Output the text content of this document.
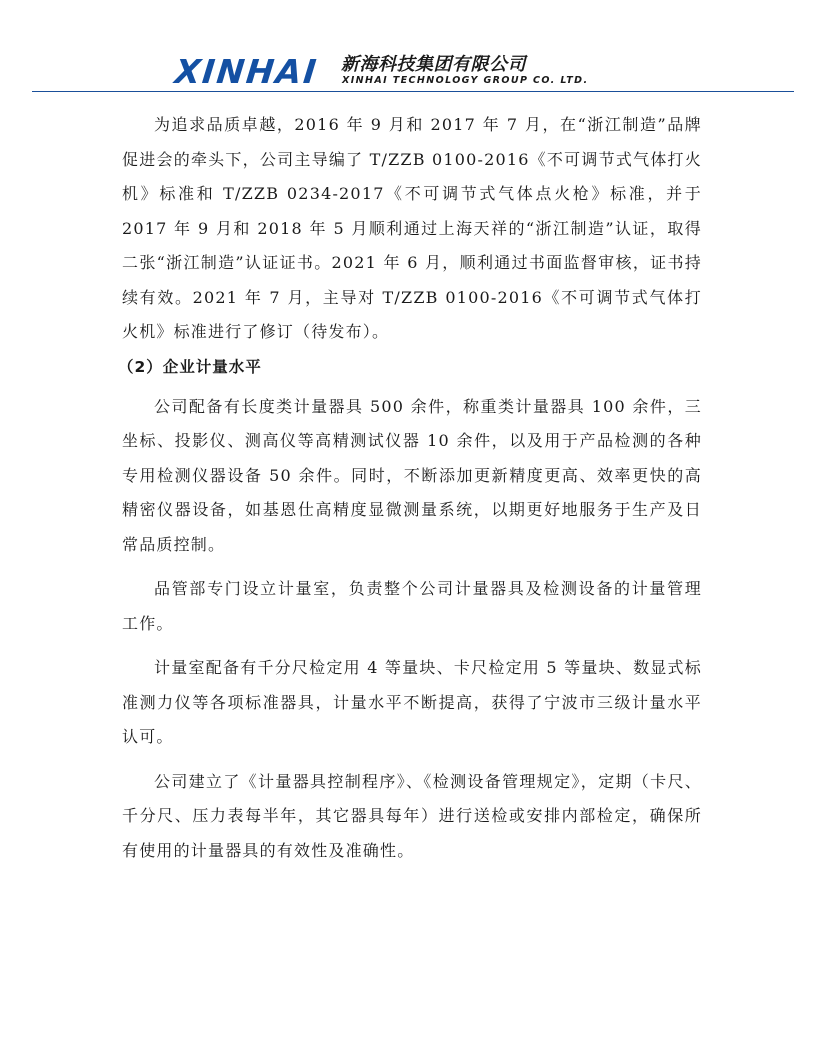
XINHAI 新海科技集团有限公司
XINHAI TECHNOLOGY GROUP CO. LTD.

为追求品质卓越，2016 年 9 月和 2017 年 7 月，在“浙江制造”品牌促进会的牵头下，公司主导编了 T/ZZB 0100-2016《不可调节式气体打火机》标准和 T/ZZB 0234-2017《不可调节式气体点火枪》标准，并于 2017 年 9 月和 2018 年 5 月顺利通过上海天祥的“浙江制造”认证，取得二张“浙江制造”认证证书。2021 年 6 月，顺利通过书面监督审核，证书持续有效。2021 年 7 月，主导对 T/ZZB 0100-2016《不可调节式气体打火机》标准进行了修订（待发布）。

（2）企业计量水平

公司配备有长度类计量器具 500 余件，称重类计量器具 100 余件，三坐标、投影仪、测高仪等高精测试仪器 10 余件，以及用于产品检测的各种专用检测仪器设备 50 余件。同时，不断添加更新精度更高、效率更快的高精密仪器设备，如基恩仕高精度显微测量系统，以期更好地服务于生产及日常品质控制。

品管部专门设立计量室，负责整个公司计量器具及检测设备的计量管理工作。

计量室配备有千分尺检定用 4 等量块、卡尺检定用 5 等量块、数显式标准测力仪等各项标准器具，计量水平不断提高，获得了宁波市三级计量水平认可。

公司建立了《计量器具控制程序》、《检测设备管理规定》，定期（卡尺、千分尺、压力表每半年，其它器具每年）进行送检或安排内部检定，确保所有使用的计量器具的有效性及准确性。
